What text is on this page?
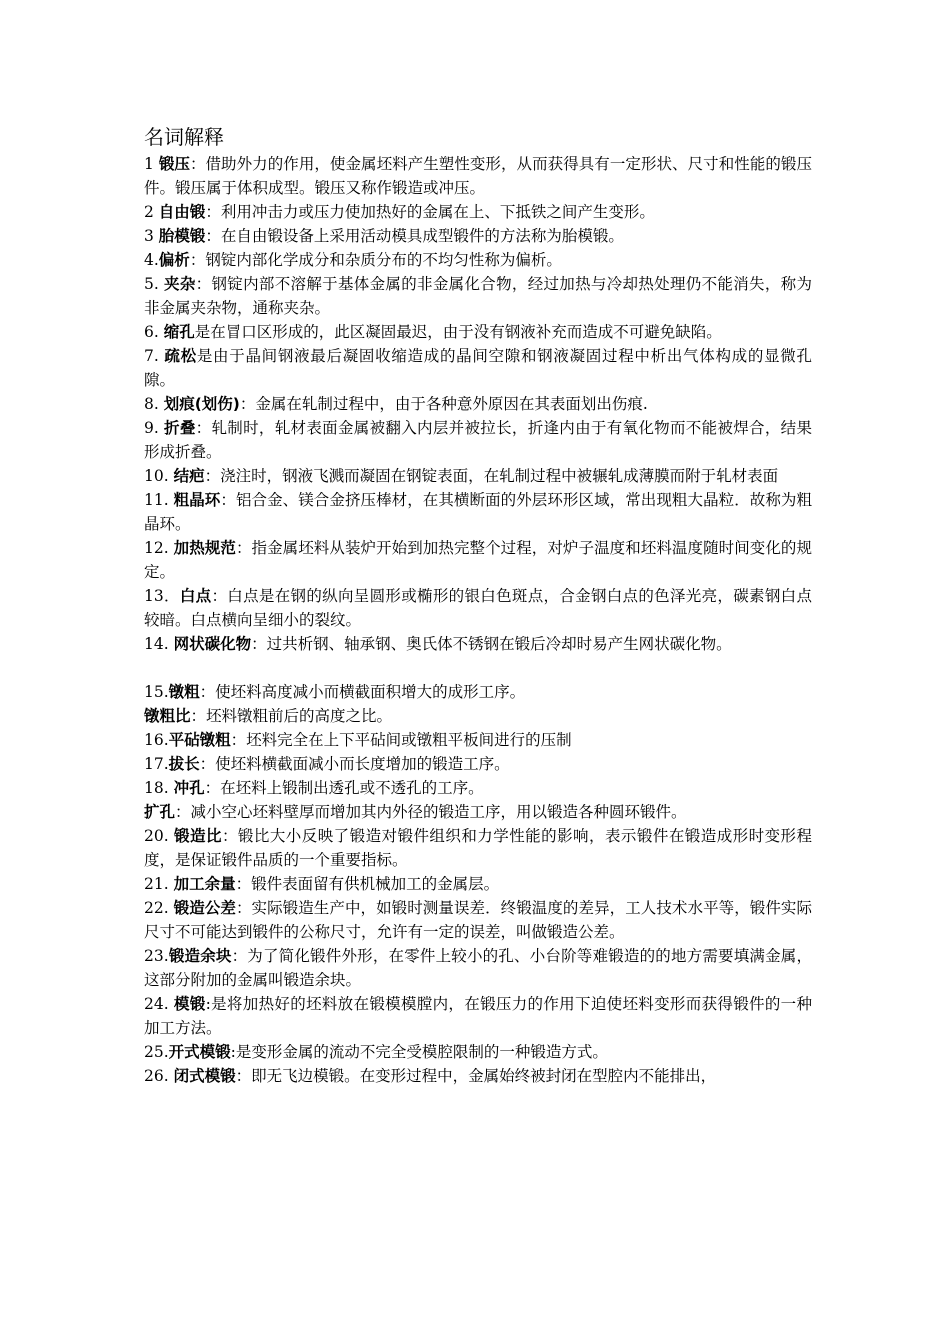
名词解释

1 锻压：借助外力的作用，使金属坯料产生塑性变形，从而获得具有一定形状、尺寸和性能的锻压件。锻压属于体积成型。锻压又称作锻造或冲压。

2 自由锻：利用冲击力或压力使加热好的金属在上、下抵铁之间产生变形。

3 胎模锻：在自由锻设备上采用活动模具成型锻件的方法称为胎模锻。

4.偏析：钢锭内部化学成分和杂质分布的不均匀性称为偏析。

5. 夹杂：钢锭内部不溶解于基体金属的非金属化合物，经过加热与冷却热处理仍不能消失，称为非金属夹杂物，通称夹杂。

6. 缩孔是在冒口区形成的，此区凝固最迟，由于没有钢液补充而造成不可避免缺陷。

7. 疏松是由于晶间钢液最后凝固收缩造成的晶间空隙和钢液凝固过程中析出气体构成的显微孔隙。

8. 划痕(划伤)：金属在轧制过程中，由于各种意外原因在其表面划出伤痕.

9. 折叠：轧制时，轧材表面金属被翻入内层并被拉长，折逢内由于有氧化物而不能被焊合，结果形成折叠。

10. 结疤：浇注时，钢液飞溅而凝固在钢锭表面，在轧制过程中被辗轧成薄膜而附于轧材表面

11. 粗晶环：铝合金、镁合金挤压棒材，在其横断面的外层环形区域，常出现粗大晶粒．故称为粗晶环。

12. 加热规范：指金属坯料从装炉开始到加热完整个过程，对炉子温度和坯料温度随时间变化的规定。

13．白点：白点是在钢的纵向呈圆形或椭形的银白色斑点，合金钢白点的色泽光亮，碳素钢白点较暗。白点横向呈细小的裂纹。

14. 网状碳化物：过共析钢、轴承钢、奥氏体不锈钢在锻后冷却时易产生网状碳化物。

15.镦粗：使坯料高度减小而横截面积增大的成形工序。

镦粗比：坯料镦粗前后的高度之比。

16.平砧镦粗：坯料完全在上下平砧间或镦粗平板间进行的压制

17.拔长：使坯料横截面减小而长度增加的锻造工序。

18. 冲孔：在坯料上锻制出透孔或不透孔的工序。

扩孔：减小空心坯料壁厚而增加其内外径的锻造工序，用以锻造各种圆环锻件。

20. 锻造比：锻比大小反映了锻造对锻件组织和力学性能的影响，表示锻件在锻造成形时变形程度，是保证锻件品质的一个重要指标。

21. 加工余量：锻件表面留有供机械加工的金属层。

22. 锻造公差：实际锻造生产中，如锻时测量误差．终锻温度的差异，工人技术水平等，锻件实际尺寸不可能达到锻件的公称尺寸，允许有一定的误差，叫做锻造公差。

23.锻造余块：为了简化锻件外形，在零件上较小的孔、小台阶等难锻造的的地方需要填满金属，这部分附加的金属叫锻造余块。

24. 模锻:是将加热好的坯料放在锻模模膛内，在锻压力的作用下迫使坯料变形而获得锻件的一种加工方法。

25.开式模锻:是变形金属的流动不完全受模腔限制的一种锻造方式。

26. 闭式模锻：即无飞边模锻。在变形过程中，金属始终被封闭在型腔内不能排出，
